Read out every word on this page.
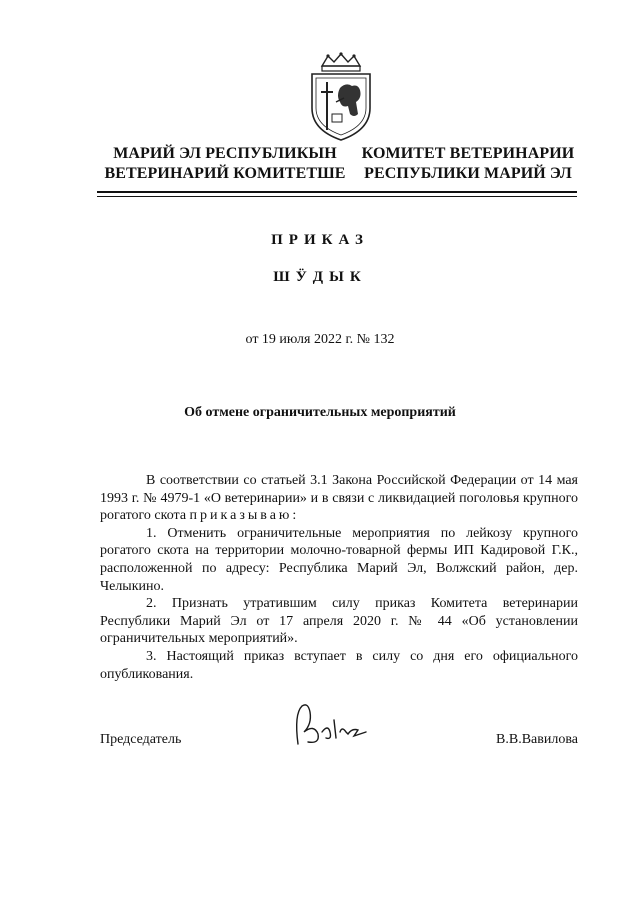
МАРИЙ ЭЛ РЕСПУБЛИКЫН
ВЕТЕРИНАРИЙ КОМИТЕТШЕ
КОМИТЕТ ВЕТЕРИНАРИИ
РЕСПУБЛИКИ МАРИЙ ЭЛ
ПРИКАЗ
ШӰДЫК
от 19 июля 2022 г. № 132
Об отмене ограничительных мероприятий

В соответствии со статьей 3.1 Закона Российской Федерации от 14 мая 1993 г. № 4979-1 «О ветеринарии» и в связи с ликвидацией поголовья крупного рогатого скота приказываю:

1. Отменить ограничительные мероприятия по лейкозу крупного рогатого скота на территории молочно-товарной фермы ИП Кадировой Г.К., расположенной по адресу: Республика Марий Эл, Волжский район, дер. Челыкино.

2. Признать утратившим силу приказ Комитета ветеринарии Республики Марий Эл от 17 апреля 2020 г. № 44 «Об установлении ограничительных мероприятий».

3. Настоящий приказ вступает в силу со дня его официального опубликования.

Председатель	В.В.Вавилова
